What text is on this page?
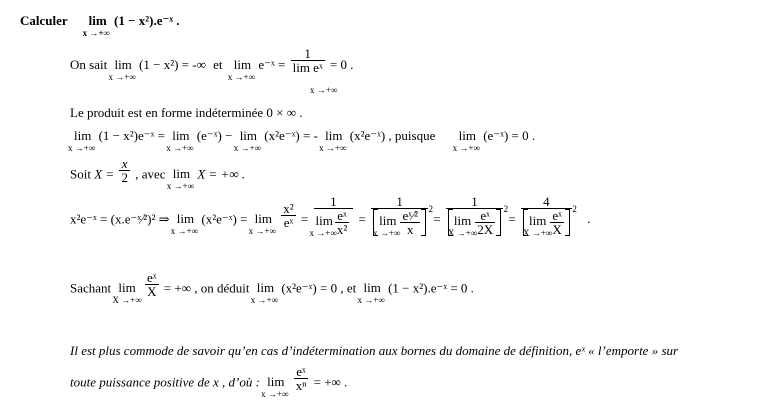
Calculer lim
x →+∞
(1 − x²).e⁻ˣ .
On sait lim
x →+∞
(1 − x²) = -∞ et lim
x →+∞
e⁻ˣ = $\frac{1}{\text{lim eˣ}} = 0$ .
x →+∞
Le produit est en forme indéterminée 0 × ∞ .
lim
x →+∞
(1 − x²)e⁻ˣ = lim
x →+∞
(e⁻ˣ) − lim
x →+∞
(x²e⁻ˣ) = - lim
x →+∞
(x²e⁻ˣ) , puisque lim
x →+∞
(e⁻ˣ) = 0 .
Soit $X = \frac{x}{2}$ , avec lim
x →+∞
X = +∞ .
x²e⁻ˣ = (x.e⁻ˣ⁄²)² ⇒ lim
x →+∞
(x²e⁻ˣ) = lim
x →+∞

$\frac{\text{x²}}{\text{eˣ}} = 1$
lim
x →+∞
$\frac{\text{eˣ}}{\text{x²}} = 1$
lim
x →+∞ $\frac{\text{eˣ⁄²}}{x} 2 = 1$
lim
X →+∞
$\frac{\text{eˣ}}{2X} 2 = 4$
lim
X →+∞
$\frac{\text{eˣ}}{X} 2$	.
Sachant lim
X →+∞

$\frac{\text{eˣ}}{X}$ = +∞ , on déduit lim
x →+∞
(x²e⁻ˣ) = 0 , et lim
x →+∞
(1 − x²).e⁻ˣ = 0 .
Il est plus commode de savoir qu’en cas d’indétermination aux bornes du domaine de définition, eˣ « l’emporte » sur
toute puissance positive de x , d’où : lim
x →+∞

$\frac{\text{eˣ}}{\text{xⁿ}}$ = +∞ .
